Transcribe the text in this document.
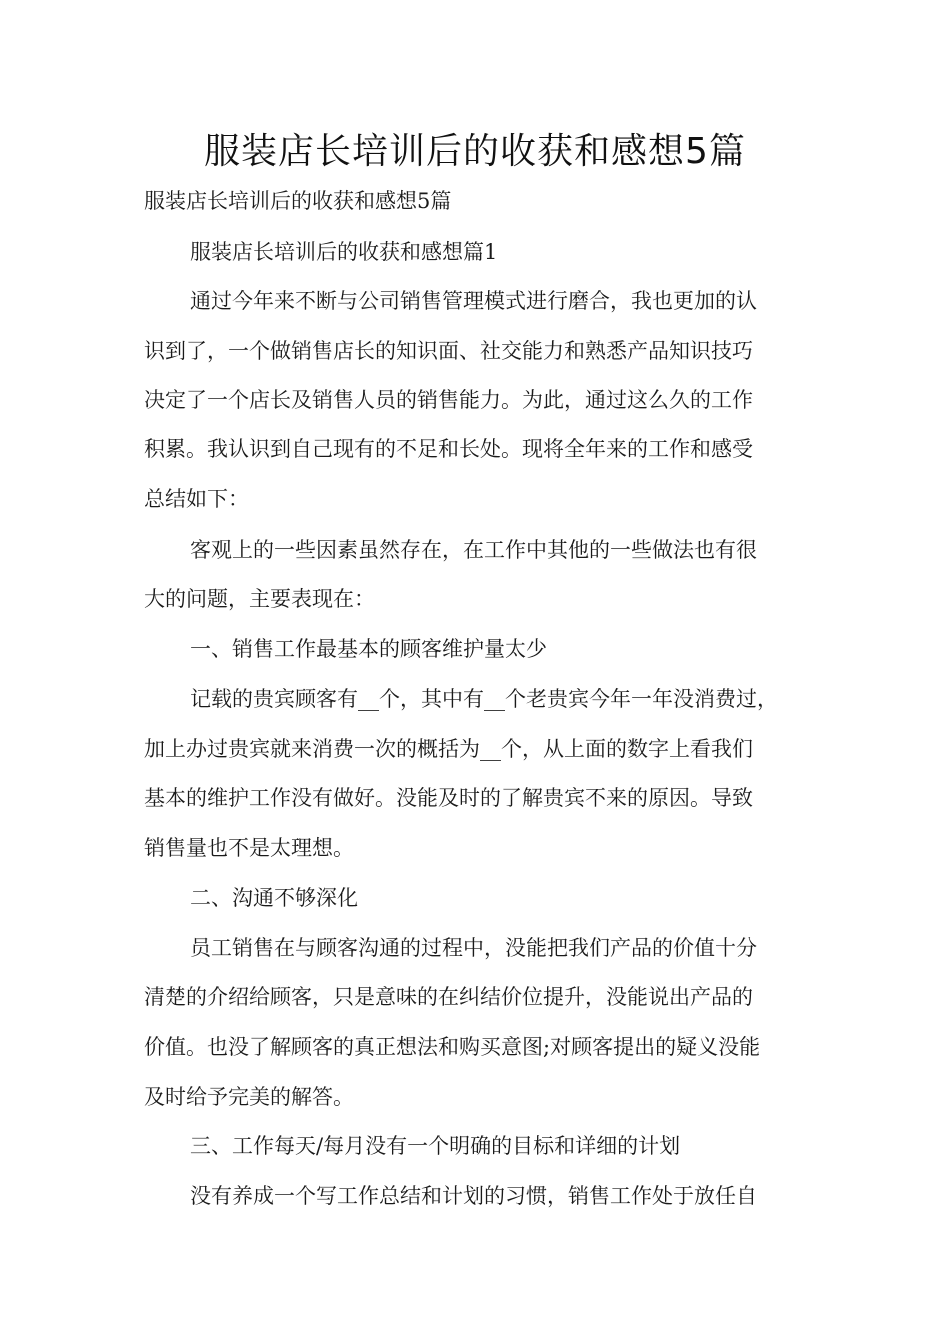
服装店长培训后的收获和感想5篇

服装店长培训后的收获和感想5篇

服装店长培训后的收获和感想篇1

通过今年来不断与公司销售管理模式进行磨合，我也更加的认

识到了，一个做销售店长的知识面、社交能力和熟悉产品知识技巧

决定了一个店长及销售人员的销售能力。为此，通过这么久的工作

积累。我认识到自己现有的不足和长处。现将全年来的工作和感受

总结如下：

客观上的一些因素虽然存在，在工作中其他的一些做法也有很

大的问题，主要表现在：

一、销售工作最基本的顾客维护量太少

记载的贵宾顾客有__个，其中有__个老贵宾今年一年没消费过，

加上办过贵宾就来消费一次的概括为__个，从上面的数字上看我们

基本的维护工作没有做好。没能及时的了解贵宾不来的原因。导致

销售量也不是太理想。

二、沟通不够深化

员工销售在与顾客沟通的过程中，没能把我们产品的价值十分

清楚的介绍给顾客，只是意味的在纠结价位提升，没能说出产品的

价值。也没了解顾客的真正想法和购买意图;对顾客提出的疑义没能

及时给予完美的解答。

三、工作每天/每月没有一个明确的目标和详细的计划

没有养成一个写工作总结和计划的习惯，销售工作处于放任自
